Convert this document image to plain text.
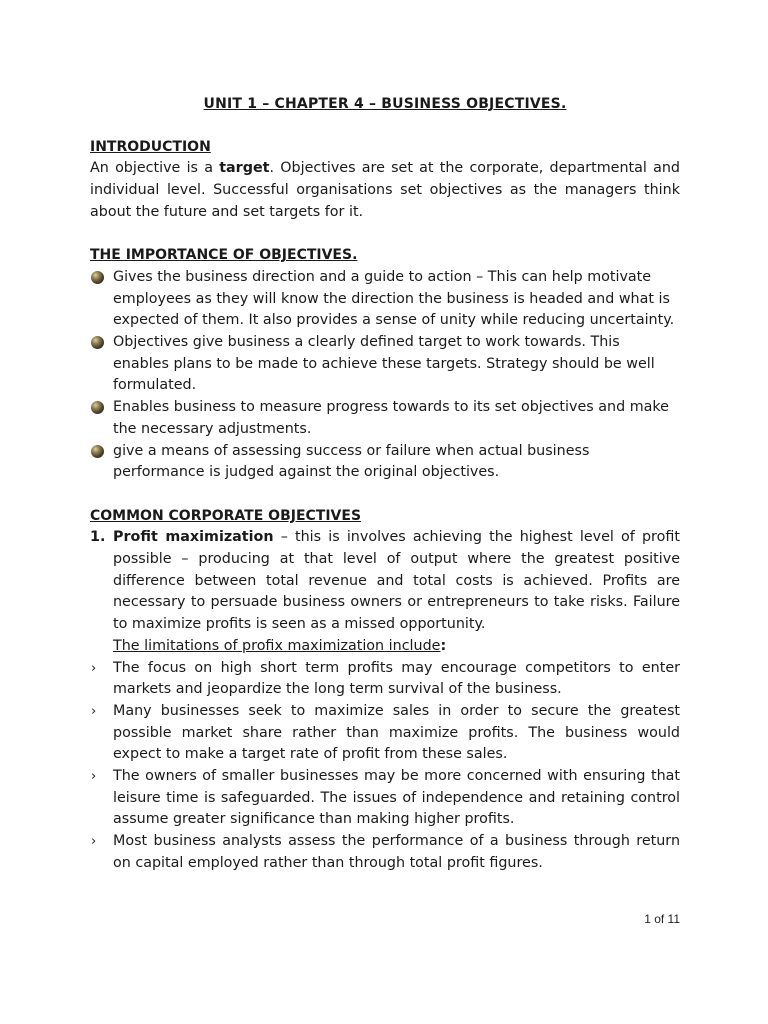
UNIT 1 – CHAPTER 4 – BUSINESS OBJECTIVES.

INTRODUCTION

An objective is a target. Objectives are set at the corporate, departmental and individual level. Successful organisations set objectives as the managers think about the future and set targets for it.

THE IMPORTANCE OF OBJECTIVES.

Gives the business direction and a guide to action – This can help motivate employees as they will know the direction the business is headed and what is expected of them. It also provides a sense of unity while reducing uncertainty.
Objectives give business a clearly defined target to work towards. This enables plans to be made to achieve these targets. Strategy should be well formulated.
Enables business to measure progress towards to its set objectives and make the necessary adjustments.
give a means of assessing success or failure when actual business performance is judged against the original objectives.

COMMON CORPORATE OBJECTIVES

1. Profit maximization – this is involves achieving the highest level of profit possible – producing at that level of output where the greatest positive difference between total revenue and total costs is achieved. Profits are necessary to persuade business owners or entrepreneurs to take risks. Failure to maximize profits is seen as a missed opportunity.

The limitations of profix maximization include:

› The focus on high short term profits may encourage competitors to enter markets and jeopardize the long term survival of the business.
› Many businesses seek to maximize sales in order to secure the greatest possible market share rather than maximize profits. The business would expect to make a target rate of profit from these sales.
› The owners of smaller businesses may be more concerned with ensuring that leisure time is safeguarded. The issues of independence and retaining control assume greater significance than making higher profits.
› Most business analysts assess the performance of a business through return on capital employed rather than through total profit figures.
1 of 11
